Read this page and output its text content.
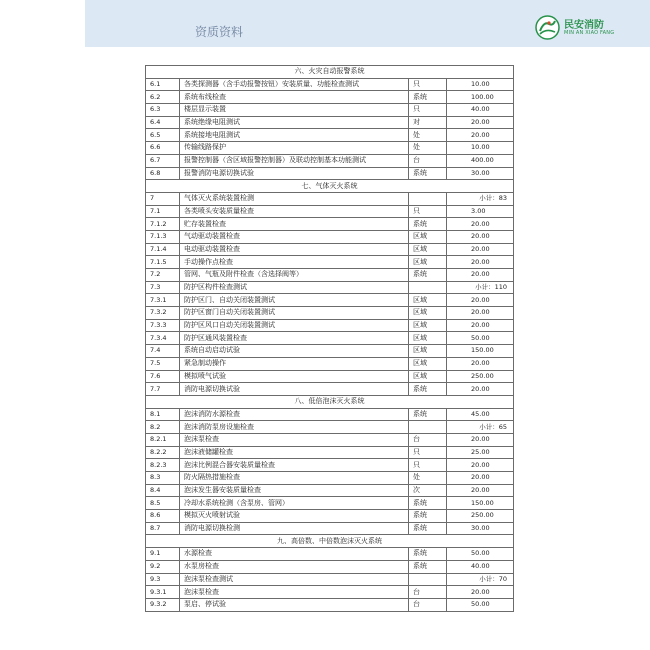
资质资料	民安消防
MIN AN XIAO FANG
六、火灾自动报警系统			
6.1	各类探测器（含手动报警按钮）安装质量、功能检查测试	只	10.00
6.2	系统布线检查	系统	100.00
6.3	楼层显示装置	只	40.00
6.4	系统绝缘电阻测试	对	20.00
6.5	系统接地电阻测试	处	20.00
6.6	传输线路保护	处	10.00
6.7	报警控制器（含区域报警控制器）及联动控制基本功能测试	台	400.00
6.8	报警消防电源切换试验	系统	30.00
七、气体灭火系统			
7	气体灭火系统装置检测		小计：83
7.1	各类喷头安装质量检查	只	3.00
7.1.2	贮存装置检查	系统	20.00
7.1.3	气动驱动装置检查	区域	20.00
7.1.4	电动驱动装置检查	区域	20.00
7.1.5	手动操作点检查	区域	20.00
7.2	管网、气瓶及附件检查（含选择阀等）	系统	20.00
7.3	防护区构件检查测试		小计：110
7.3.1	防护区门、自动关闭装置测试	区域	20.00
7.3.2	防护区窗门自动关闭装置测试	区域	20.00
7.3.3	防护区风口自动关闭装置测试	区域	20.00
7.3.4	防护区通风装置检查	区域	50.00
7.4	系统自动启动试验	区域	150.00
7.5	紧急制动操作	区域	20.00
7.6	模拟喷气试验	区域	250.00
7.7	消防电源切换试验	系统	20.00
八、低倍泡沫灭火系统			
8.1	泡沫消防水源检查	系统	45.00
8.2	泡沫消防泵房设施检查		小计：65
8.2.1	泡沫泵检查	台	20.00
8.2.2	泡沫液储罐检查	只	25.00
8.2.3	泡沫比例混合器安装质量检查	只	20.00
8.3	防火隔热措施检查	处	20.00
8.4	泡沫发生器安装质量检查	次	20.00
8.5	冷却水系统检测（含泵房、管网）	系统	150.00
8.6	模拟灭火喷射试验	系统	250.00
8.7	消防电源切换检测	系统	30.00
九、高倍数、中倍数泡沫灭火系统			
9.1	水源检查	系统	50.00
9.2	水泵房检查	系统	40.00
9.3	泡沫泵检查测试		小计：70
9.3.1	泡沫泵检查	台	20.00
9.3.2	泵启、停试验	台	50.00
